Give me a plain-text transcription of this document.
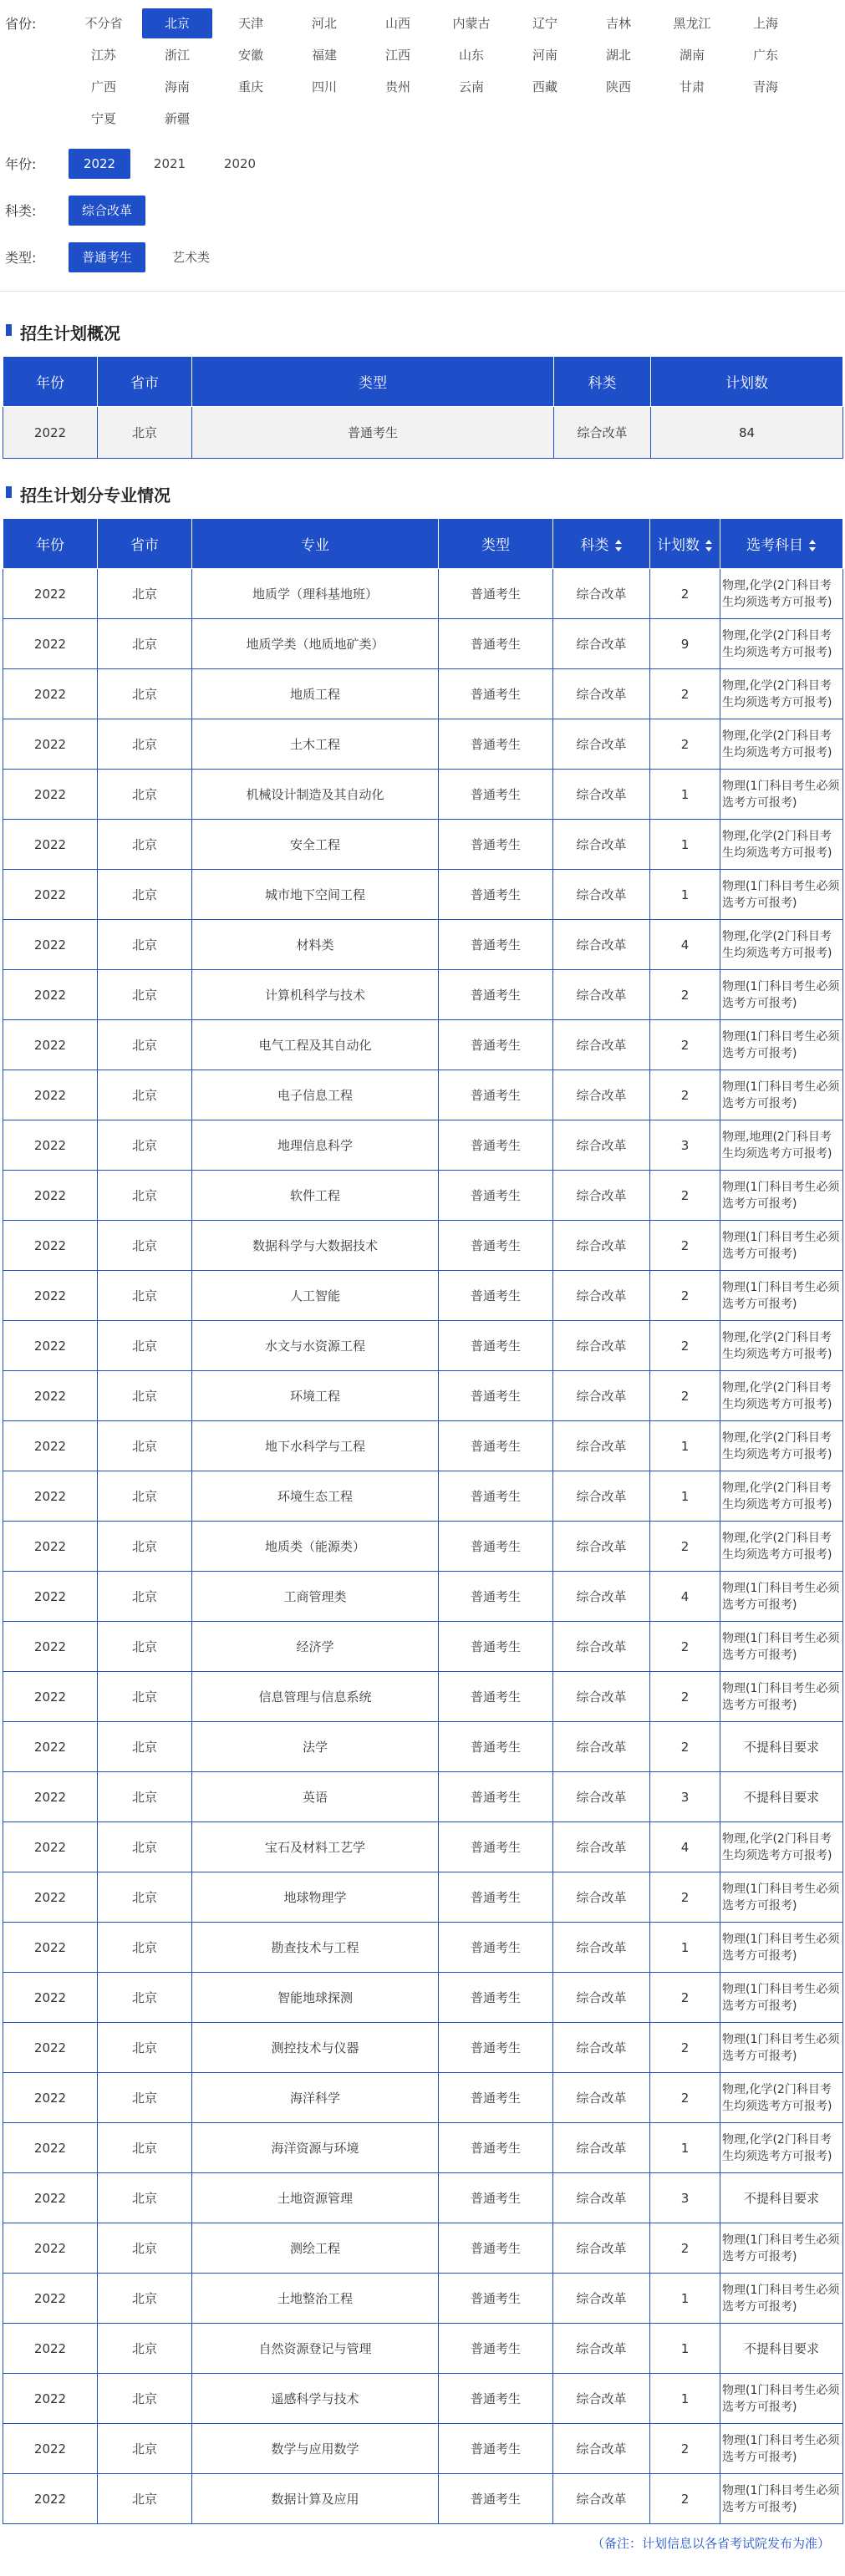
省份:	不分省	北京	天津	河北	山西	内蒙古	辽宁	吉林	黑龙江	上海
江苏	浙江	安徽	福建	江西	山东	河南	湖北	湖南	广东
广西	海南	重庆	四川	贵州	云南	西藏	陕西	甘肃	青海
宁夏	新疆
年份:	2022	2021	2020
科类:	综合改革
类型:	普通考生	艺术类
招生计划概况
年份	省市	类型	科类	计划数
2022	北京	普通考生	综合改革	84
招生计划分专业情况
年份	省市	专业	类型	科类	计划数	选考科目
2022	北京	地质学（理科基地班）	普通考生	综合改革	2	物理,化学(2门科目考生均须选考方可报考)
2022	北京	地质学类（地质地矿类）	普通考生	综合改革	9	物理,化学(2门科目考生均须选考方可报考)
2022	北京	地质工程	普通考生	综合改革	2	物理,化学(2门科目考生均须选考方可报考)
2022	北京	土木工程	普通考生	综合改革	2	物理,化学(2门科目考生均须选考方可报考)
2022	北京	机械设计制造及其自动化	普通考生	综合改革	1	物理(1门科目考生必须选考方可报考)
2022	北京	安全工程	普通考生	综合改革	1	物理,化学(2门科目考生均须选考方可报考)
2022	北京	城市地下空间工程	普通考生	综合改革	1	物理(1门科目考生必须选考方可报考)
2022	北京	材料类	普通考生	综合改革	4	物理,化学(2门科目考生均须选考方可报考)
2022	北京	计算机科学与技术	普通考生	综合改革	2	物理(1门科目考生必须选考方可报考)
2022	北京	电气工程及其自动化	普通考生	综合改革	2	物理(1门科目考生必须选考方可报考)
2022	北京	电子信息工程	普通考生	综合改革	2	物理(1门科目考生必须选考方可报考)
2022	北京	地理信息科学	普通考生	综合改革	3	物理,地理(2门科目考生均须选考方可报考)
2022	北京	软件工程	普通考生	综合改革	2	物理(1门科目考生必须选考方可报考)
2022	北京	数据科学与大数据技术	普通考生	综合改革	2	物理(1门科目考生必须选考方可报考)
2022	北京	人工智能	普通考生	综合改革	2	物理(1门科目考生必须选考方可报考)
2022	北京	水文与水资源工程	普通考生	综合改革	2	物理,化学(2门科目考生均须选考方可报考)
2022	北京	环境工程	普通考生	综合改革	2	物理,化学(2门科目考生均须选考方可报考)
2022	北京	地下水科学与工程	普通考生	综合改革	1	物理,化学(2门科目考生均须选考方可报考)
2022	北京	环境生态工程	普通考生	综合改革	1	物理,化学(2门科目考生均须选考方可报考)
2022	北京	地质类（能源类）	普通考生	综合改革	2	物理,化学(2门科目考生均须选考方可报考)
2022	北京	工商管理类	普通考生	综合改革	4	物理(1门科目考生必须选考方可报考)
2022	北京	经济学	普通考生	综合改革	2	物理(1门科目考生必须选考方可报考)
2022	北京	信息管理与信息系统	普通考生	综合改革	2	物理(1门科目考生必须选考方可报考)
2022	北京	法学	普通考生	综合改革	2	不提科目要求
2022	北京	英语	普通考生	综合改革	3	不提科目要求
2022	北京	宝石及材料工艺学	普通考生	综合改革	4	物理,化学(2门科目考生均须选考方可报考)
2022	北京	地球物理学	普通考生	综合改革	2	物理(1门科目考生必须选考方可报考)
2022	北京	勘查技术与工程	普通考生	综合改革	1	物理(1门科目考生必须选考方可报考)
2022	北京	智能地球探测	普通考生	综合改革	2	物理(1门科目考生必须选考方可报考)
2022	北京	测控技术与仪器	普通考生	综合改革	2	物理(1门科目考生必须选考方可报考)
2022	北京	海洋科学	普通考生	综合改革	2	物理,化学(2门科目考生均须选考方可报考)
2022	北京	海洋资源与环境	普通考生	综合改革	1	物理,化学(2门科目考生均须选考方可报考)
2022	北京	土地资源管理	普通考生	综合改革	3	不提科目要求
2022	北京	测绘工程	普通考生	综合改革	2	物理(1门科目考生必须选考方可报考)
2022	北京	土地整治工程	普通考生	综合改革	1	物理(1门科目考生必须选考方可报考)
2022	北京	自然资源登记与管理	普通考生	综合改革	1	不提科目要求
2022	北京	遥感科学与技术	普通考生	综合改革	1	物理(1门科目考生必须选考方可报考)
2022	北京	数学与应用数学	普通考生	综合改革	2	物理(1门科目考生必须选考方可报考)
2022	北京	数据计算及应用	普通考生	综合改革	2	物理(1门科目考生必须选考方可报考)
（备注：计划信息以各省考试院发布为准）
